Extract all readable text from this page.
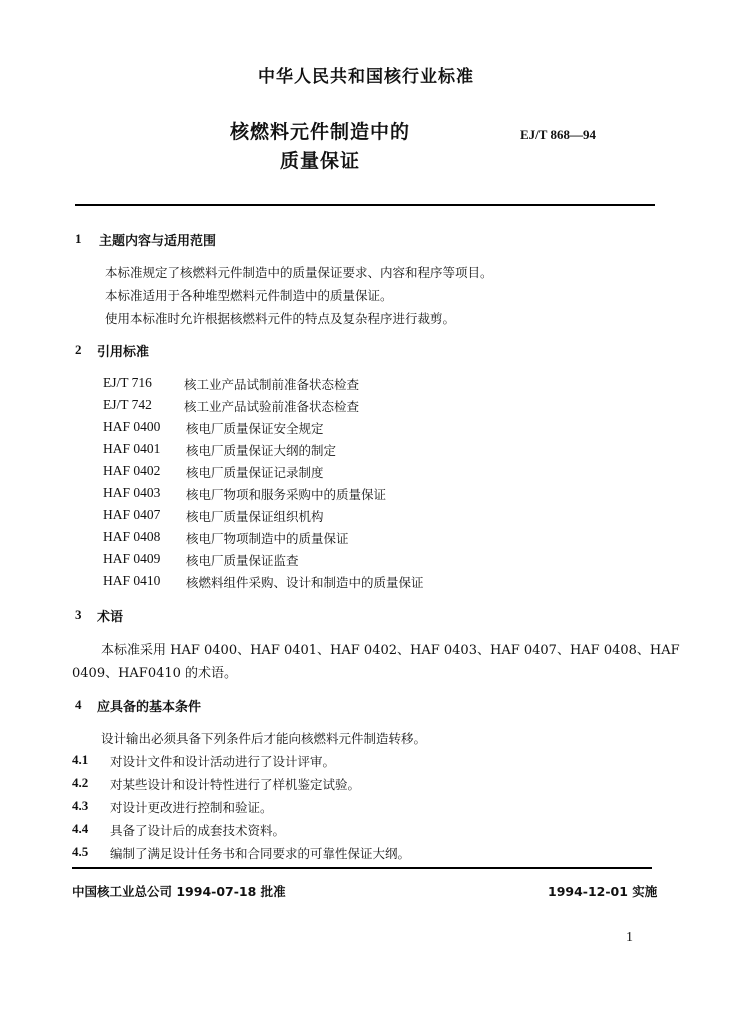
中华人民共和国核行业标准
核燃料元件制造中的
质量保证
EJ/T 868—94
1 主题内容与适用范围
本标准规定了核燃料元件制造中的质量保证要求、内容和程序等项目。
本标准适用于各种堆型燃料元件制造中的质量保证。
使用本标准时允许根据核燃料元件的特点及复杂程序进行裁剪。
2 引用标准
EJ/T 716	核工业产品试制前准备状态检查
EJ/T 742	核工业产品试验前准备状态检查
HAF 0400 核电厂质量保证安全规定
HAF 0401 核电厂质量保证大纲的制定
HAF 0402 核电厂质量保证记录制度
HAF 0403 核电厂物项和服务采购中的质量保证
HAF 0407 核电厂质量保证组织机构
HAF 0408 核电厂物项制造中的质量保证
HAF 0409 核电厂质量保证监查
HAF 0410 核燃料组件采购、设计和制造中的质量保证
3 术语
本标准采用 HAF 0400、HAF 0401、HAF 0402、HAF 0403、HAF 0407、HAF 0408、HAF
0409、HAF0410 的术语。
4 应具备的基本条件
设计输出必须具备下列条件后才能向核燃料元件制造转移。
4.1 对设计文件和设计活动进行了设计评审。
4.2 对某些设计和设计特性进行了样机鉴定试验。
4.3 对设计更改进行控制和验证。
4.4 具备了设计后的成套技术资料。
4.5 编制了满足设计任务书和合同要求的可靠性保证大纲。
中国核工业总公司 1994-07-18 批准	1994-12-01 实施
1
